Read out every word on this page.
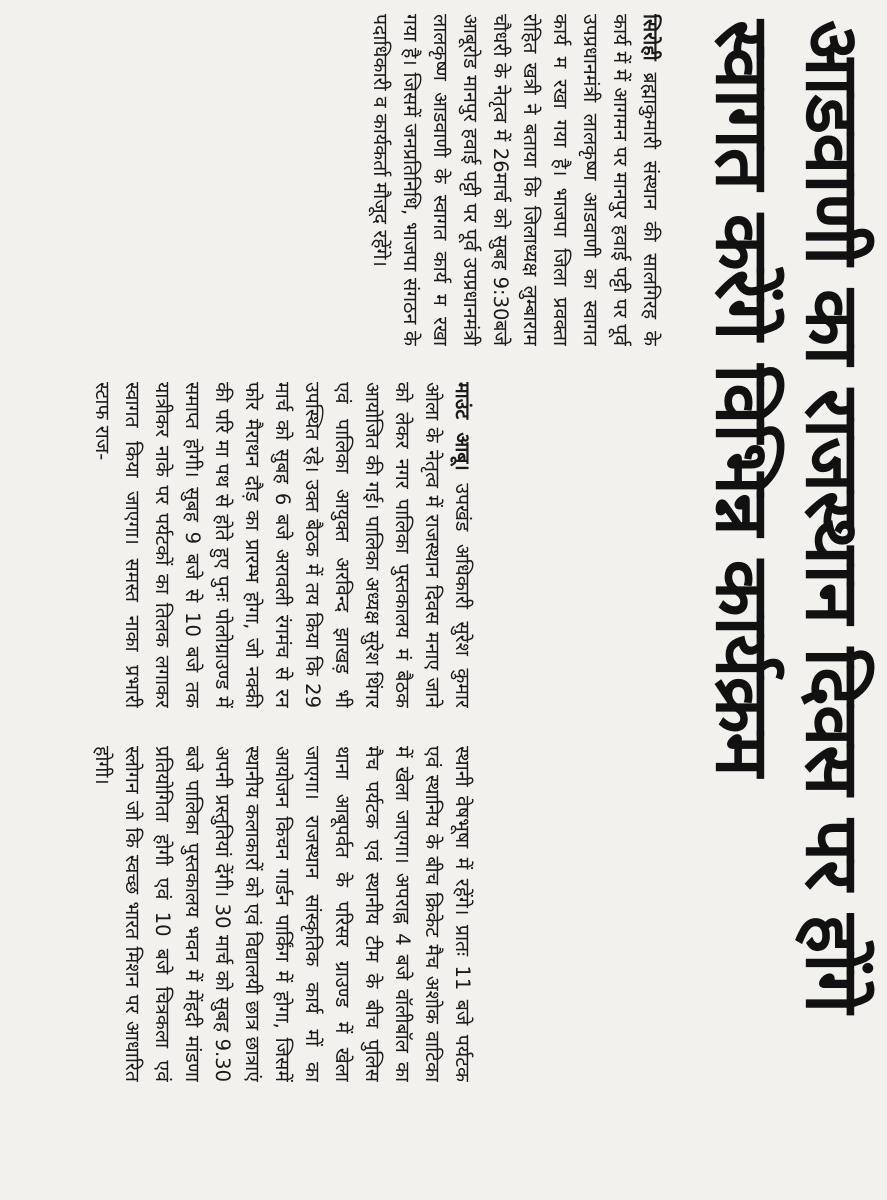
आडवाणी का राजस्थान दिवस पर होंगे
स्वागत करेंगे विभिन्न कार्यक्रम

सिरोही ब्रह्माकुमारी संस्थान की सालगिरह के कार्य में में आगमन पर मानपुर हवाई पट्टी पर पूर्व उपप्रधानमंत्री लालकृष्ण आडवाणी का स्वागत कार्य म रखा गया है। भाजपा जिला प्रवक्ता रोहित खत्री ने बताया कि जिलाध्यक्ष लुम्बाराम चौधरी के नेतृत्व में 26मार्च को सुबह 9:30बजे आबूरोड मानपुर हवाई पट्टी पर पूर्व उपप्रधानमंत्री लालकृष्ण आडवाणी के स्वागत कार्य म रखा गया है। जिसमें जनप्रतिनिधि, भाजपा संगठन के पदाधिकारी व कार्यकर्ता मौजूद रहेंगे।

माउंट आबू। उपखंड अधिकारी सुरेश कुमार ओला के नेतृत्व में राजस्थान दिवस मनाए जाने को लेकर नगर पालिका पुस्तकालय मं बैठक आयोजित की गई। पालिका अध्यक्ष सुरेश थिंगर एवं पालिका आयुक्त अरविन्द झाखड़ भी उपस्थित रहे। उक्त बैठक में तय किया कि 29 मार्च को सुबह 6 बजे अरावली रंगमंच से रन फोर मैराथन दौड़ का प्रारम्भ होगा, जो नक्की की परि मा पथ से होते हुए पुनः पोलोग्राउण्ड में समाप्त होगी। सुबह 9 बजे से 10 बजे तक यात्रीकर नाके पर पर्यटकों का तिलक लगाकर स्वागत किया जाएगा। समस्त नाका प्रभारी स्टाफ राज-

स्थानी वेषभूषा में रहेंगे। प्रातः 11 बजे पर्यटक एवं स्थानिय के बीच क्रिकेट मैच अशोक वाटिका में खेला जाएगा। अपराह्न 4 बजे वॉलीबॉल का मैच पर्यटक एवं स्थानीय टीम के बीच पुलिस थाना आबूपर्वत के परिसर ग्राउण्ड में खेला जाएगा। राजस्थान सांस्कृतिक कार्य मों का आयोजन किचन गार्डन पार्किंग में होगा, जिसमें स्थानीय कलाकारों को एवं विद्यालयी छात्र छात्राएं अपनी प्रस्तुतियां देंगी। 30 मार्च को सुबह 9.30 बजे पालिका पुस्तकालय भवन में मेंहदी मांडणा प्रतियोगिता होगी एवं 10 बजे चित्रकला एवं स्लोगन जो कि स्वच्छ भारत मिशन पर आधारित होगी।
